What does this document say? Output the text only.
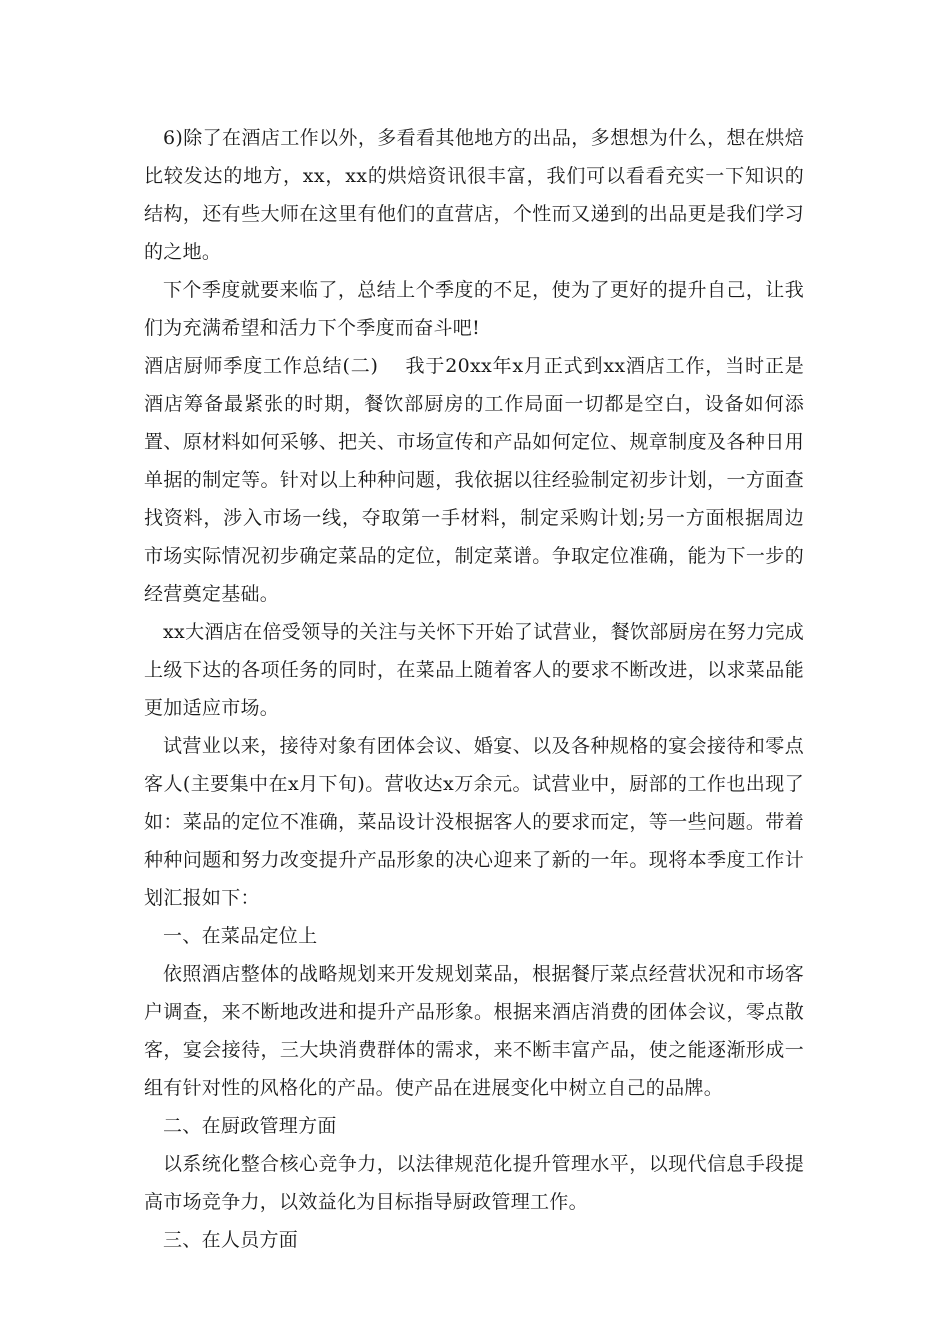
6)除了在酒店工作以外，多看看其他地方的出品，多想想为什么，想在烘焙比较发达的地方，xx，xx的烘焙资讯很丰富，我们可以看看充实一下知识的结构，还有些大师在这里有他们的直营店，个性而又递到的出品更是我们学习的之地。

下个季度就要来临了，总结上个季度的不足，使为了更好的提升自己，让我们为充满希望和活力下个季度而奋斗吧!

酒店厨师季度工作总结(二)　 我于20xx年x月正式到xx酒店工作，当时正是酒店筹备最紧张的时期，餐饮部厨房的工作局面一切都是空白，设备如何添置、原材料如何采够、把关、市场宣传和产品如何定位、规章制度及各种日用单据的制定等。针对以上种种问题，我依据以往经验制定初步计划，一方面查找资料，涉入市场一线，夺取第一手材料，制定采购计划;另一方面根据周边市场实际情况初步确定菜品的定位，制定菜谱。争取定位准确，能为下一步的经营奠定基础。

xx大酒店在倍受领导的关注与关怀下开始了试营业，餐饮部厨房在努力完成上级下达的各项任务的同时，在菜品上随着客人的要求不断改进，以求菜品能更加适应市场。

试营业以来，接待对象有团体会议、婚宴、以及各种规格的宴会接待和零点客人(主要集中在x月下旬)。营收达x万余元。试营业中，厨部的工作也出现了如：菜品的定位不准确，菜品设计没根据客人的要求而定，等一些问题。带着种种问题和努力改变提升产品形象的决心迎来了新的一年。现将本季度工作计划汇报如下：

一、在菜品定位上

依照酒店整体的战略规划来开发规划菜品，根据餐厅菜点经营状况和市场客户调查，来不断地改进和提升产品形象。根据来酒店消费的团体会议，零点散客，宴会接待，三大块消费群体的需求，来不断丰富产品，使之能逐渐形成一组有针对性的风格化的产品。使产品在进展变化中树立自己的品牌。

二、在厨政管理方面

以系统化整合核心竞争力，以法律规范化提升管理水平，以现代信息手段提高市场竞争力，以效益化为目标指导厨政管理工作。

三、在人员方面
